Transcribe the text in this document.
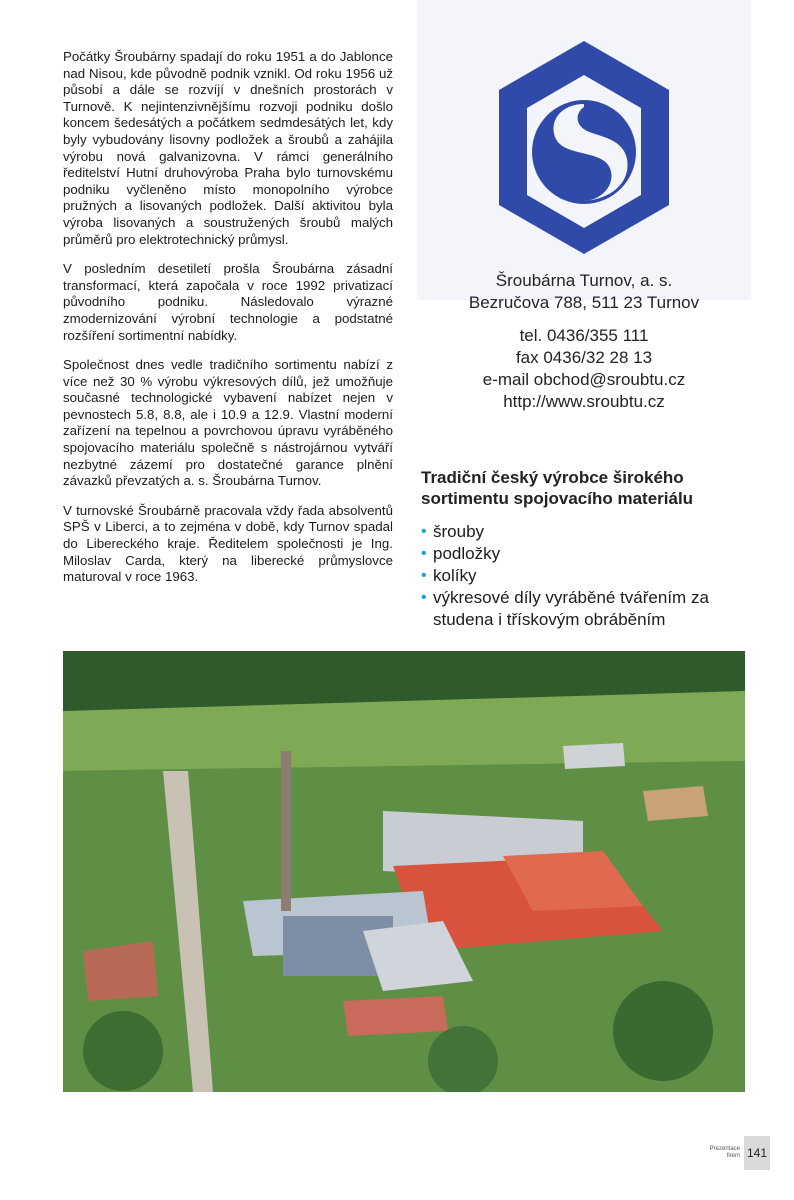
Počátky Šroubárny spadají do roku 1951 a do Jablonce nad Nisou, kde původně podnik vznikl. Od roku 1956 už působí a dále se rozvíjí v dnešních prostorách v Turnově. K nejintenzivnějšímu rozvoji podniku došlo koncem šedesátých a počátkem sedmdesátých let, kdy byly vybudovány lisovny podložek a šroubů a zahájila výrobu nová galvanizovna. V rámci generálního ředitelství Hutní druhovýroba Praha bylo turnovskému podniku vyčleněno místo monopolního výrobce pružných a lisovaných podložek. Další aktivitou byla výroba lisovaných a soustružených šroubů malých průměrů pro elektrotechnický průmysl.

V posledním desetiletí prošla Šroubárna zásadní transformací, která započala v roce 1992 privatizací původního podniku. Následovalo výrazné zmodernizování výrobní technologie a podstatné rozšíření sortimentní nabídky.

Společnost dnes vedle tradičního sortimentu nabízí z více než 30 % výrobu výkresových dílů, jež umožňuje současné technologické vybavení nabízet nejen v pevnostech 5.8, 8.8, ale i 10.9 a 12.9. Vlastní moderní zařízení na tepelnou a povrchovou úpravu vyráběného spojovacího materiálu společně s nástrojárnou vytváří nezbytné zázemí pro dostatečné garance plnění závazků převzatých a. s. Šroubárna Turnov.

V turnovské Šroubárně pracovala vždy řada absolventů SPŠ v Liberci, a to zejména v době, kdy Turnov spadal do Libereckého kraje. Ředitelem společnosti je Ing. Miloslav Carda, který na liberecké průmyslovce maturoval v roce 1963.

Šroubárna Turnov, a. s.
Bezručova 788, 511 23 Turnov
tel. 0436/355 111
fax 0436/32 28 13
e-mail obchod@sroubtu.cz
http://www.sroubtu.cz
Tradiční český výrobce širokého sortimentu spojovacího materiálu
• šrouby
• podložky
• kolíky
• výkresové díly vyráběné tvářením za studena i třískovým obráběním
Prezentace
firem 141
